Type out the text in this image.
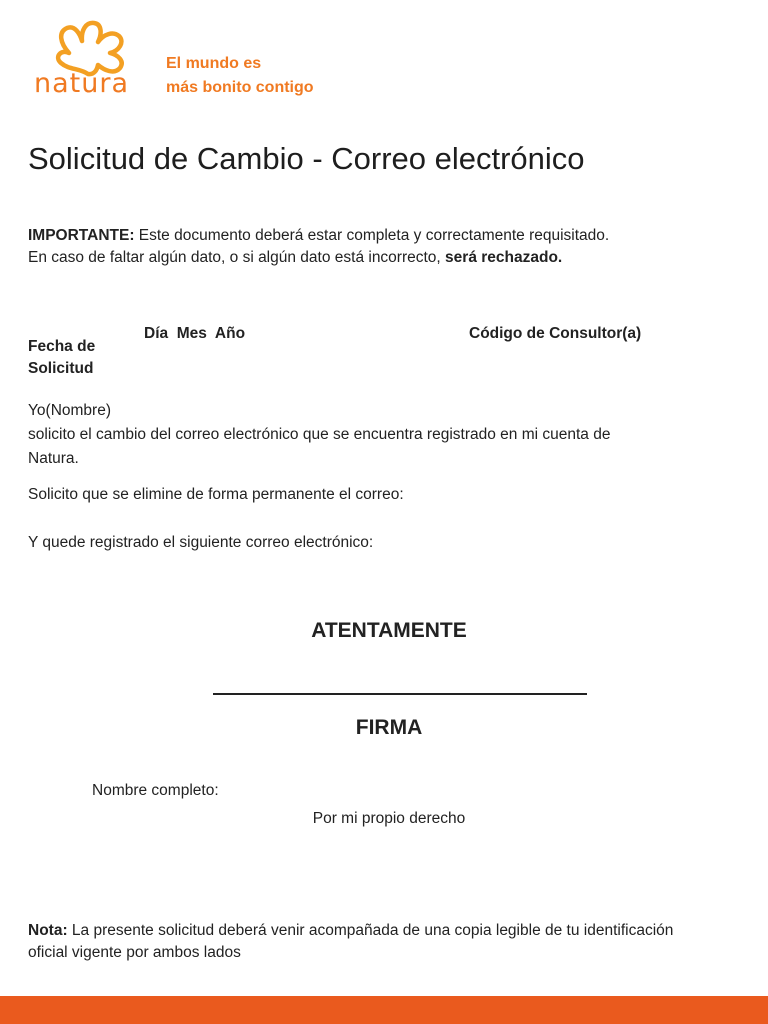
natura
El mundo es
más bonito contigo
Solicitud de Cambio - Correo electrónico
IMPORTANTE: Este documento deberá estar completa y correctamente requisitado.
En caso de faltar algún dato, o si algún dato está incorrecto, será rechazado.
Fecha de
Solicitud
Día  Mes  Año	Código de Consultor(a)
Yo(Nombre)
solicito el cambio del correo electrónico que se encuentra registrado en mi cuenta de
Natura.
Solicito que se elimine de forma permanente el correo:
Y quede registrado el siguiente correo electrónico:
ATENTAMENTE
FIRMA
Nombre completo:
Por mi propio derecho
Nota: La presente solicitud deberá venir acompañada de una copia legible de tu identificación
oficial vigente por ambos lados
